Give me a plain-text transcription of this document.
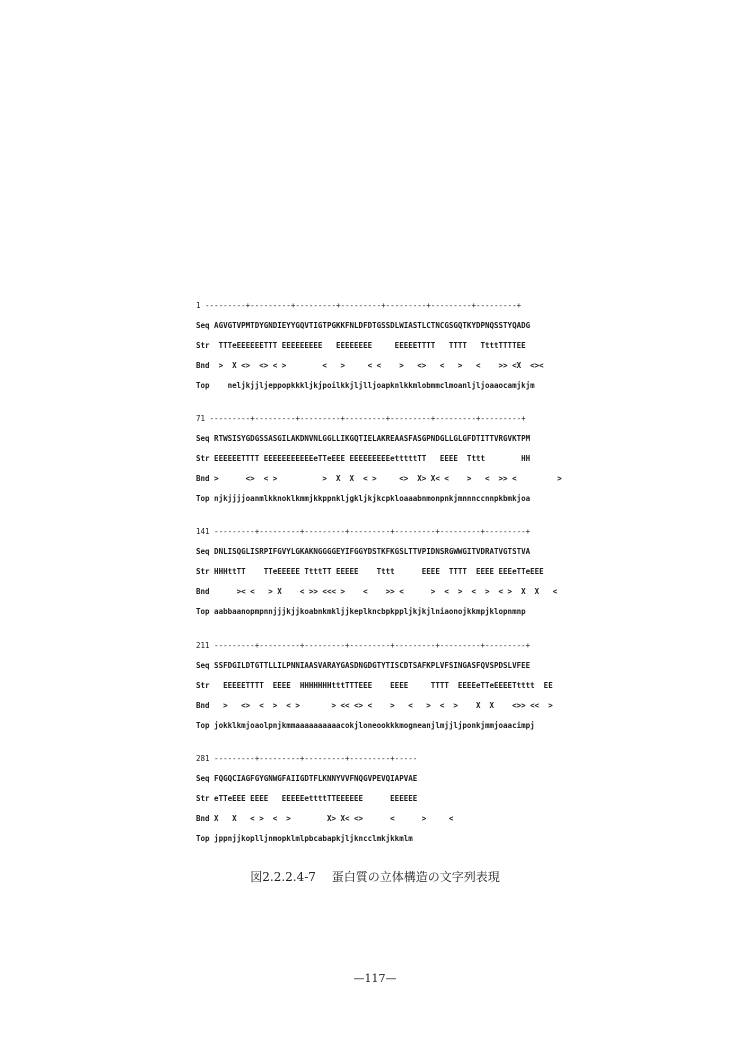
1 ---------+---------+---------+---------+---------+---------+---------+
Seq AGVGTVPMTDYGNDIEYYGQVTIGTPGKKFNLDFDTGSSDLWIASTLCTNCGSGQTKYDPNQSSTYQADG
Str  TTTeEEEEEETTT EEEEEEEEE   EEEEEEEE     EEEEETTTT   TTTT   TtttTTTTEE
Bnd  >  X <>  <> < >        <   >     < <    >   <>   <   >   <    >> <X  <><
Top    neljkjjljeppopkkkljkjpoilkkjljlljoapknlkkmlobmmclmoanljljoaaocamjkjm
71 ---------+---------+---------+---------+---------+---------+---------+
Seq RTWSISYGDGSSASGILAKDNVNLGGLLIKGQTIELAKREAASFASGPNDGLLGLGFDTITTVRGVKTPM
Str EEEEEETTTT EEEEEEEEEEEeTTeEEE EEEEEEEEEetttttTT   EEEE  Tttt        HH
Bnd >      <>  < >          >  X  X  < >     <>  X> X< <    >   <  >> <         >
Top njkjjjjoanmlkknoklkmmjkkppnkljgkljkjkcpkloaaabnmonpnkjmnnnccnnpkbmkjoa
141 ---------+---------+---------+---------+---------+---------+---------+
Seq DNLISQGLISRPIFGVYLGKAKNGGGGEYIFGGYDSTKFKGSLTTVPIDNSRGWWGITVDRATVGTSTVA
Str HHHttTT    TTeEEEEE TtttTT EEEEE    Tttt      EEEE  TTTT  EEEE EEEeTTeEEE
Bnd      >< <   > X    < >> <<< >    <    >> <      >  <  >  <  >  < >  X  X   <
Top aabbaanopmpnnjjjkjjkoabnkmkljjkeplkncbpkppljkjkjlniaonojkkmpjklopnmnp
211 ---------+---------+---------+---------+---------+---------+---------+
Seq SSFDGILDTGTTLLILPNNIAASVARAYGASDNGDGTYTISCDTSAFKPLVFSINGASFQVSPDSLVFEE
Str   EEEEETTTT  EEEE  HHHHHHHtttTTTEEE    EEEE     TTTT  EEEEeTTeEEEETtttt  EE
Bnd   >   <>  <  >  < >       > << <> <    >   <   >  <  >    X  X    <>> <<  >
Top jokklkmjoaolpnjkmmaaaaaaaaaacokjloneookkkmogneanjlmjjljponkjmmjoaacimpj
281 ---------+---------+---------+---------+-----
Seq FQGQCIAGFGYGNWGFAIIGDTFLKNNYVVFNQGVPEVQIAPVAE
Str eTTeEEE EEEE   EEEEEettttTTEEEEEE      EEEEEE
Bnd X   X   < >  <  >        X> X< <>      <      >     <
Top jppnjjkoplljnmopklmlpbcabapkjljkncclmkjkkmlm
図2.2.2.4-7　 蛋白質の立体構造の文字列表現
—117—
